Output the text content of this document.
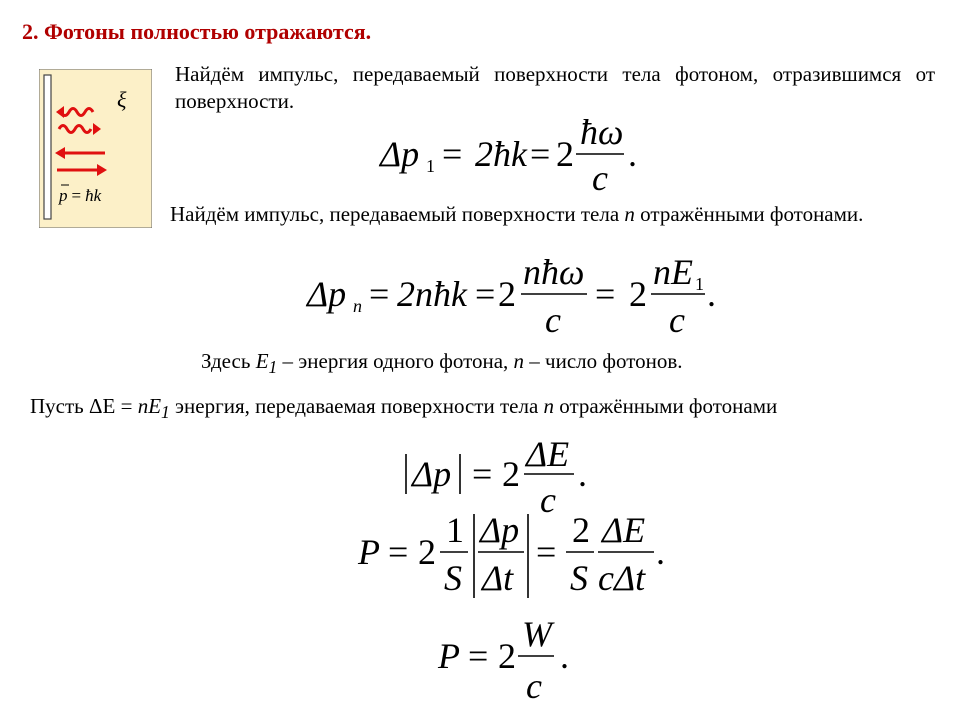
2. Фотоны полностью отражаются.
ξ
p = ħk
Найдём импульс, передаваемый поверхности тела фотоном, отразившимся от поверхности.
Δp 1 = 2ħk = 2
ħω
c
.
Найдём импульс, передаваемый поверхности тела n отражёнными фотонами.
Δp n = 2nħk = 2
nħω
c
= 2
nE 1
c
.
Здесь $E_1$ – энергия одного фотона, n – число фотонов.
Пусть $\Delta E = nE_1$ энергия, передаваемая поверхности тела n отражёнными фотонами
Δp = 2 ΔE
c
.
P = 2
1
S
Δp
Δt
=
2
S
ΔE
cΔt
.
P = 2
W
c
.
